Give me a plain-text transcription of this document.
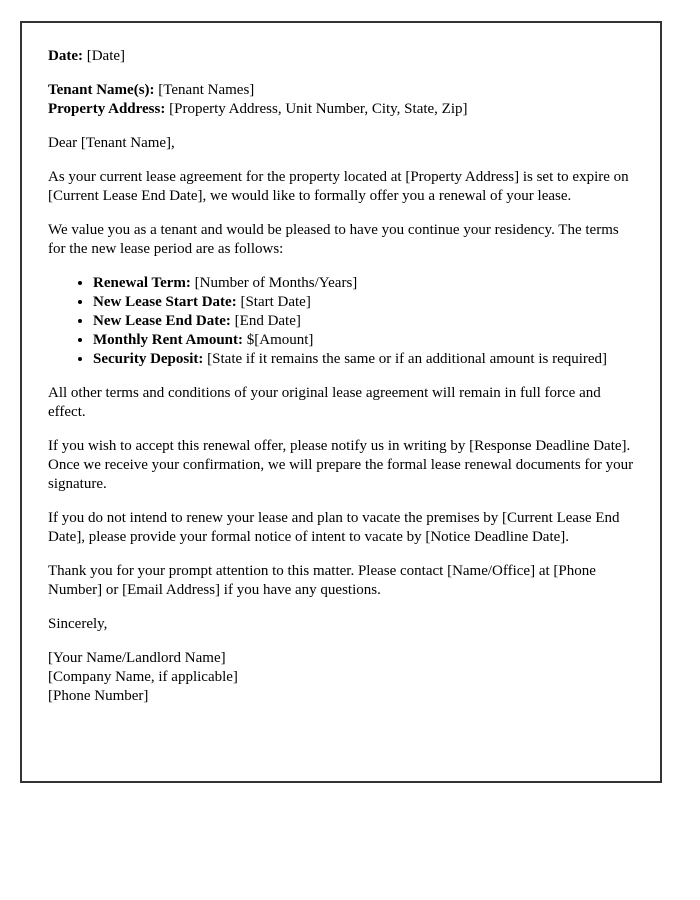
Date: [Date]

Tenant Name(s): [Tenant Names]
Property Address: [Property Address, Unit Number, City, State, Zip]

Dear [Tenant Name],

As your current lease agreement for the property located at [Property Address] is set to expire on [Current Lease End Date], we would like to formally offer you a renewal of your lease.

We value you as a tenant and would be pleased to have you continue your residency. The terms for the new lease period are as follows:

• Renewal Term: [Number of Months/Years]
• New Lease Start Date: [Start Date]
• New Lease End Date: [End Date]
• Monthly Rent Amount: $[Amount]
• Security Deposit: [State if it remains the same or if an additional amount is required]

All other terms and conditions of your original lease agreement will remain in full force and effect.

If you wish to accept this renewal offer, please notify us in writing by [Response Deadline Date]. Once we receive your confirmation, we will prepare the formal lease renewal documents for your signature.

If you do not intend to renew your lease and plan to vacate the premises by [Current Lease End Date], please provide your formal notice of intent to vacate by [Notice Deadline Date].

Thank you for your prompt attention to this matter. Please contact [Name/Office] at [Phone Number] or [Email Address] if you have any questions.

Sincerely,

[Your Name/Landlord Name]
[Company Name, if applicable]
[Phone Number]
